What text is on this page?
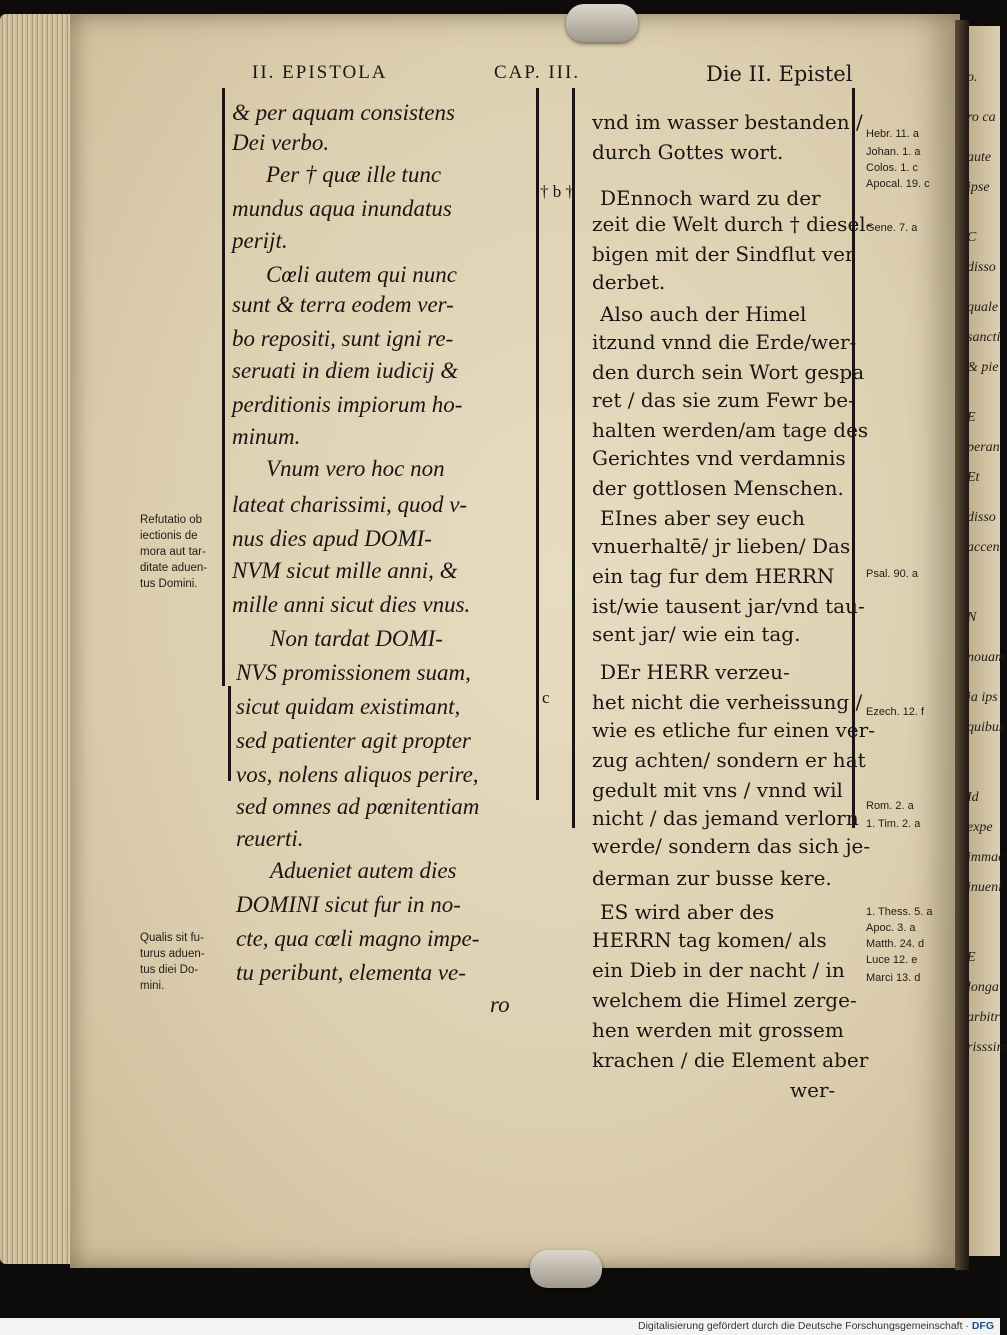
II. EPISTOLA	CAP. III.	Die II. Epistel
† b †
c
& per aquam consistens
Dei verbo.
Per † quæ ille tunc
mundus aqua inundatus
perijt.
Cœli autem qui nunc
sunt & terra eodem ver-
bo repositi, sunt igni re-
seruati in diem iudicij &
perditionis impiorum ho-
minum.
Vnum vero hoc non
lateat charissimi, quod v-
nus dies apud DOMI-
NVM sicut mille anni, &
mille anni sicut dies vnus.
Non tardat DOMI-
NVS promissionem suam,
sicut quidam existimant,
sed patienter agit propter
vos, nolens aliquos perire,
sed omnes ad pœnitentiam
reuerti.
Adueniet autem dies
DOMINI sicut fur in no-
cte, qua cœli magno impe-
tu peribunt, elementa ve-
ro
vnd im wasser bestanden /
durch Gottes wort.
DEnnoch ward zu der
zeit die Welt durch † diesel-
bigen mit der Sindflut ver
derbet.
Also auch der Himel
itzund vnnd die Erde/wer-
den durch sein Wort gespa
ret / das sie zum Fewr be-
halten werden/am tage des
Gerichtes vnd verdamnis
der gottlosen Menschen.
EInes aber sey euch
vnuerhaltē/ jr lieben/ Das
ein tag fur dem HERRN
ist/wie tausent jar/vnd tau-
sent jar/ wie ein tag.
DEr HERR verzeu-
het nicht die verheissung /
wie es etliche fur einen ver-
zug achten/ sondern er hat
gedult mit vns / vnnd wil
nicht / das jemand verlorn
werde/ sondern das sich je-
derman zur busse kere.
ES wird aber des
HERRN tag komen/ als
ein Dieb in der nacht / in
welchem die Himel zerge-
hen werden mit grossem
krachen / die Element aber
wer-
Hebr. 11. a
Johan. 1. a
Colos. 1. c
Apocal. 19. c
Gene. 7. a
Psal. 90. a
Ezech. 12. f
Rom. 2. a
1. Tim. 2. a
1. Thess. 5. a
Apoc. 3. a
Matth. 24. d
Luce 12. e
Marci 13. d
o.
ro ca
aute
ipse
C
disso
quale
sancti
& pie
E
peran
Et
disso
accen
N
nouam
ia ips
quibus
Id
expe
immac
inueni
E
longa
arbitr
risssim
Refutatio ob
iectionis de
mora aut tar-
ditate aduen-
tus Domini.
Qualis sit fu-
turus aduen-
tus diei Do-
mini.
Digitalisierung gefördert durch die Deutsche Forschungsgemeinschaft · DFG
